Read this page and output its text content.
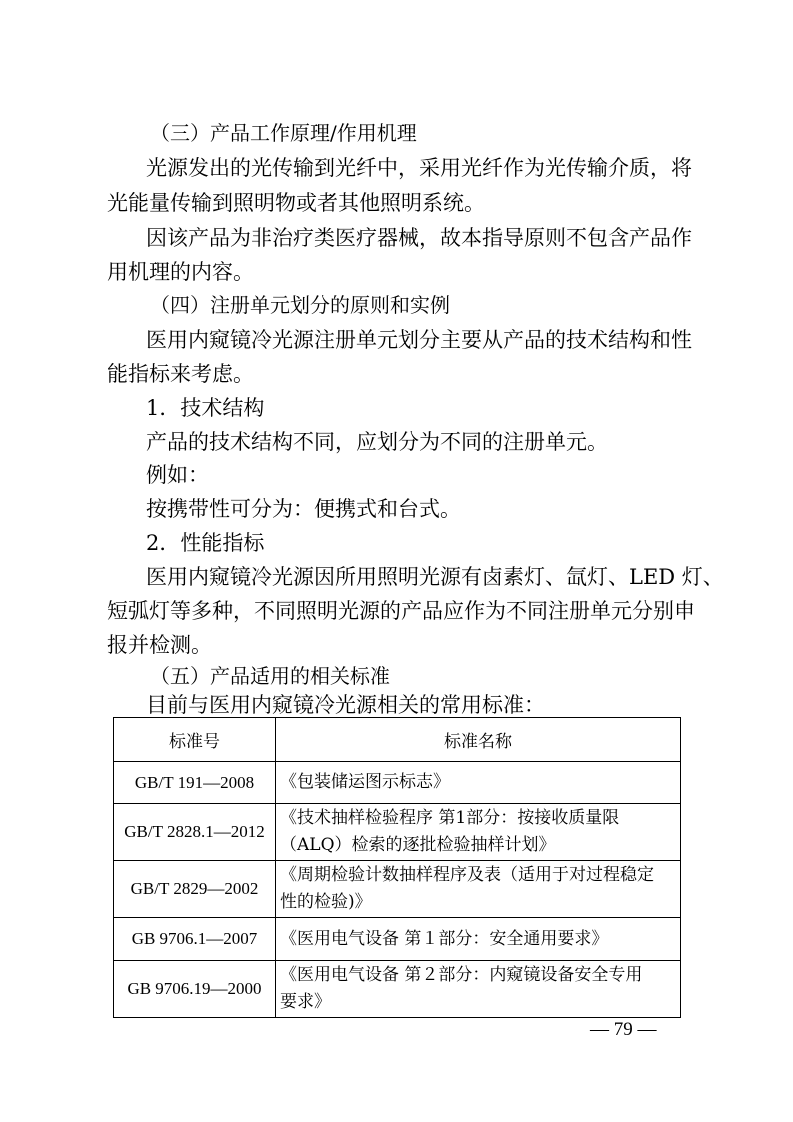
（三）产品工作原理/作用机理
光源发出的光传输到光纤中，采用光纤作为光传输介质，将
光能量传输到照明物或者其他照明系统。
因该产品为非治疗类医疗器械，故本指导原则不包含产品作
用机理的内容。
（四）注册单元划分的原则和实例
医用内窥镜冷光源注册单元划分主要从产品的技术结构和性
能指标来考虑。
1．技术结构
产品的技术结构不同，应划分为不同的注册单元。
例如：
按携带性可分为：便携式和台式。
2．性能指标
医用内窥镜冷光源因所用照明光源有卤素灯、氙灯、LED 灯、
短弧灯等多种，不同照明光源的产品应作为不同注册单元分别申
报并检测。
（五）产品适用的相关标准
目前与医用内窥镜冷光源相关的常用标准：
标准号	标准名称
GB/T 191—2008	《包装储运图示标志》
GB/T 2828.1—2012	《技术抽样检验程序 第1部分：按接收质量限
（ALQ）检索的逐批检验抽样计划》

GB/T 2829—2002	《周期检验计数抽样程序及表（适用于对过程稳定
性的检验)》

GB 9706.1—2007	《医用电气设备 第１部分：安全通用要求》
GB 9706.19—2000	《医用电气设备 第２部分：内窥镜设备安全专用
要求》
— 79 —
